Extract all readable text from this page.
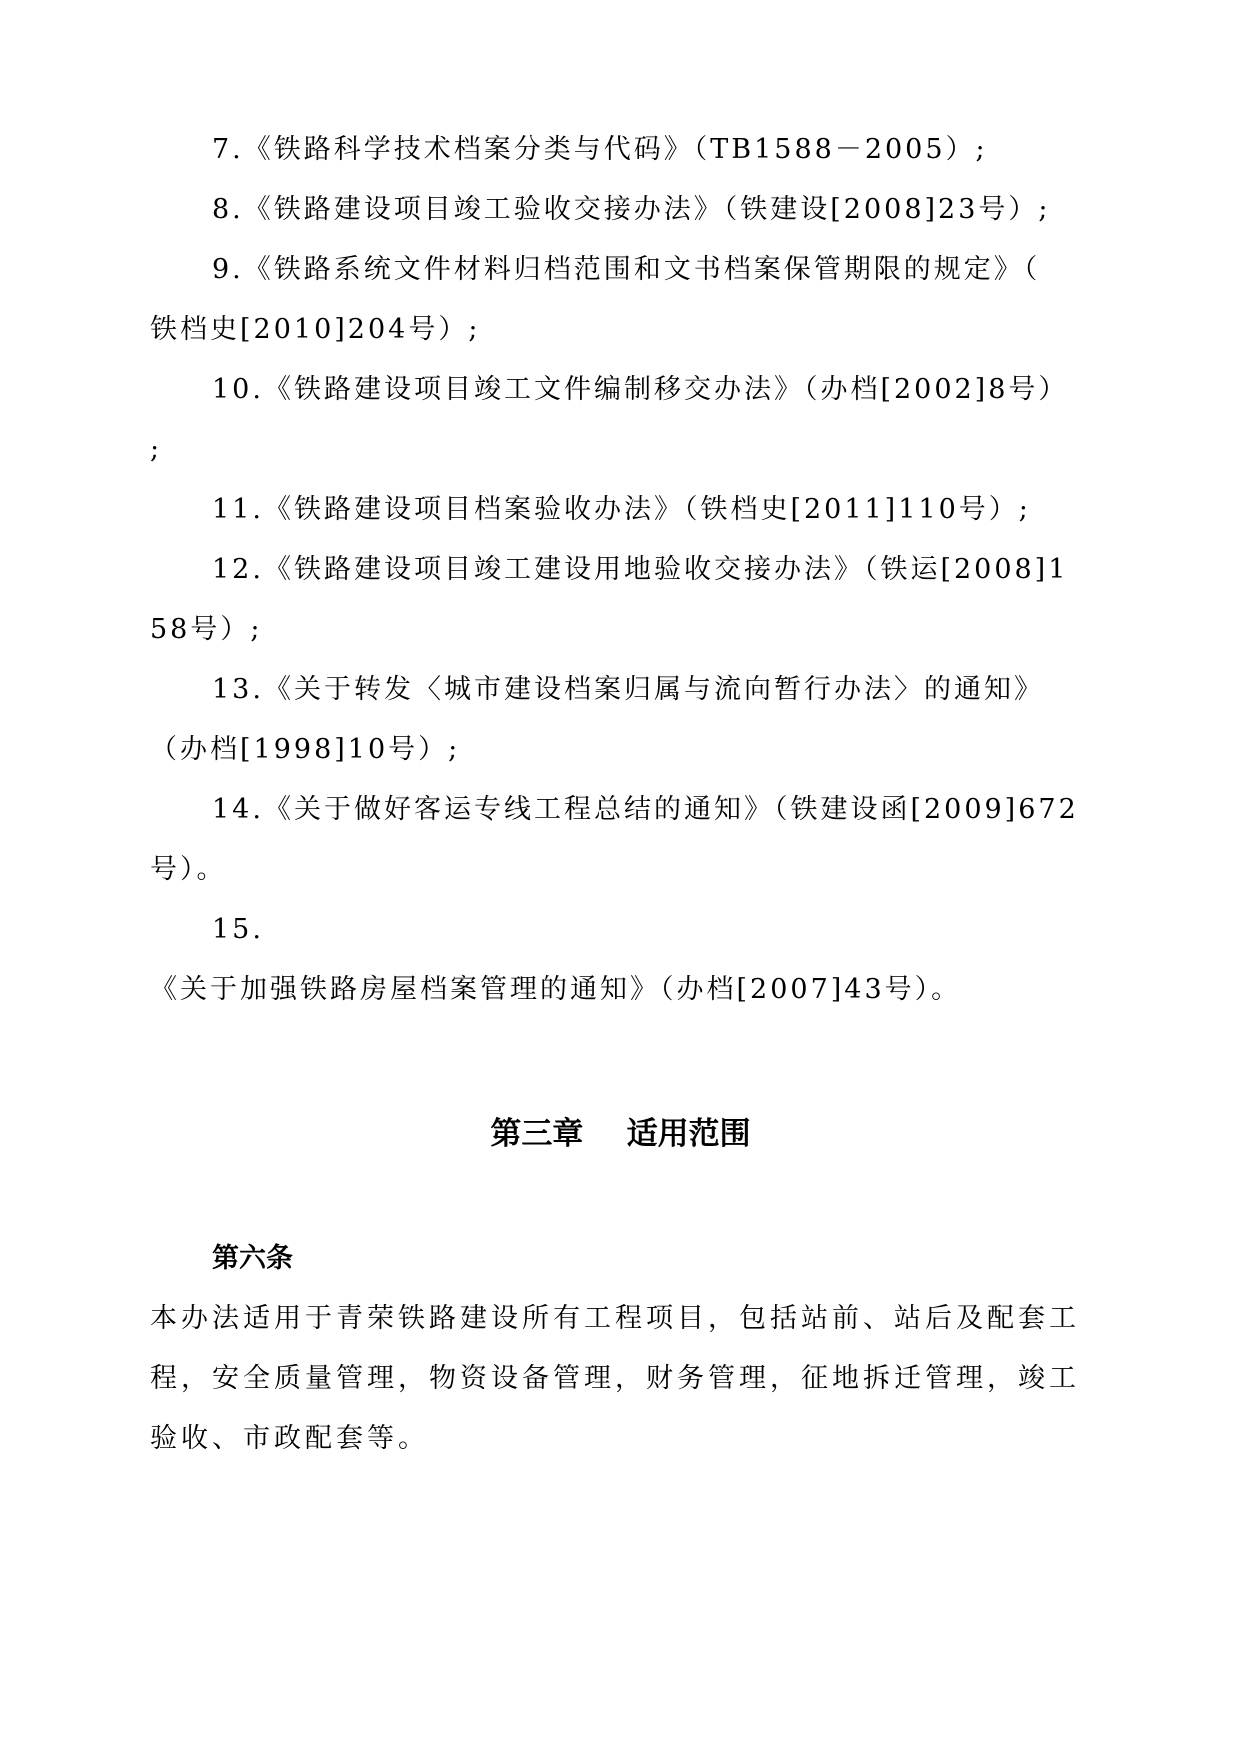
7.《铁路科学技术档案分类与代码》（TB1588－2005）;
8.《铁路建设项目竣工验收交接办法》（铁建设[2008]23号）;
9.《铁路系统文件材料归档范围和文书档案保管期限的规定》（
铁档史[2010]204号）;
10.《铁路建设项目竣工文件编制移交办法》（办档[2002]8号）
;
11.《铁路建设项目档案验收办法》（铁档史[2011]110号）;
12.《铁路建设项目竣工建设用地验收交接办法》（铁运[2008]1
58号）;
13.《关于转发〈城市建设档案归属与流向暂行办法〉的通知》
（办档[1998]10号）;
14.《关于做好客运专线工程总结的通知》（铁建设函[2009]672
号）。
15.
《关于加强铁路房屋档案管理的通知》（办档[2007]43号）。
第三章    适用范围
第六条
本办法适用于青荣铁路建设所有工程项目，包括站前、站后及配套工
程，安全质量管理，物资设备管理，财务管理，征地拆迁管理，竣工
验收、市政配套等。
